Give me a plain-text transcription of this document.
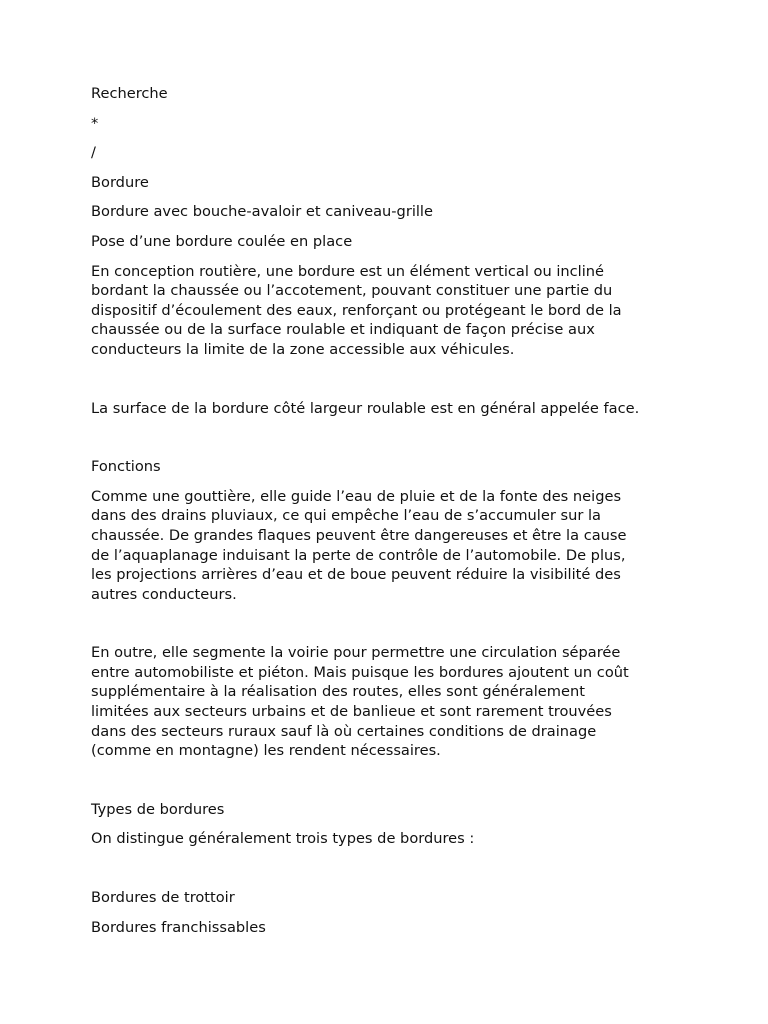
Recherche

*

/

Bordure

Bordure avec bouche-avaloir et caniveau-grille

Pose d’une bordure coulée en place

En conception routière, une bordure est un élément vertical ou incliné

bordant la chaussée ou l’accotement, pouvant constituer une partie du

dispositif d’écoulement des eaux, renforçant ou protégeant le bord de la

chaussée ou de la surface roulable et indiquant de façon précise aux

conducteurs la limite de la zone accessible aux véhicules.

La surface de la bordure côté largeur roulable est en général appelée face.

Fonctions

Comme une gouttière, elle guide l’eau de pluie et de la fonte des neiges

dans des drains pluviaux, ce qui empêche l’eau de s’accumuler sur la

chaussée. De grandes flaques peuvent être dangereuses et être la cause

de l’aquaplanage induisant la perte de contrôle de l’automobile. De plus,

les projections arrières d’eau et de boue peuvent réduire la visibilité des

autres conducteurs.

En outre, elle segmente la voirie pour permettre une circulation séparée

entre automobiliste et piéton. Mais puisque les bordures ajoutent un coût

supplémentaire à la réalisation des routes, elles sont généralement

limitées aux secteurs urbains et de banlieue et sont rarement trouvées

dans des secteurs ruraux sauf là où certaines conditions de drainage

(comme en montagne) les rendent nécessaires.

Types de bordures

On distingue généralement trois types de bordures :

Bordures de trottoir

Bordures franchissables
